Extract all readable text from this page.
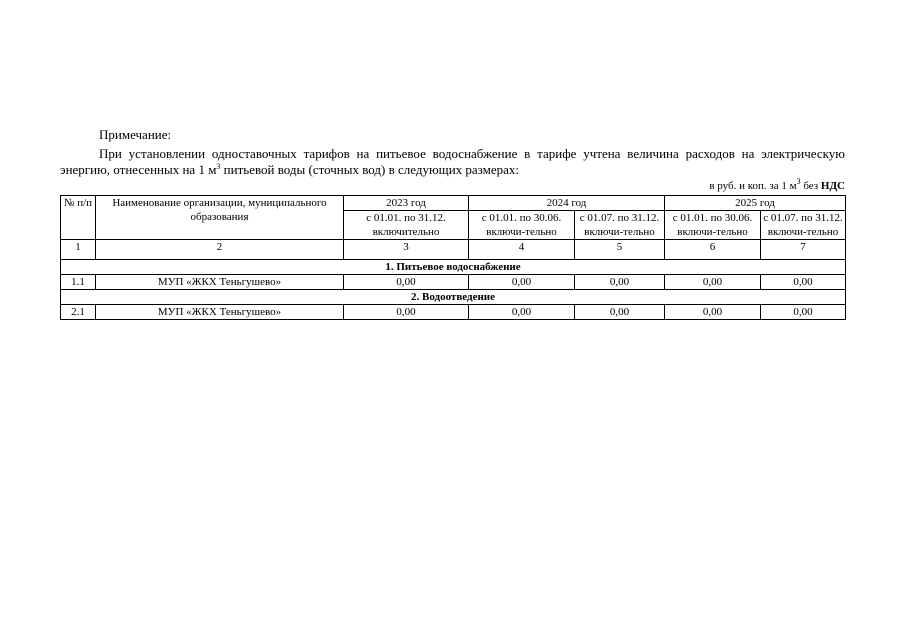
Примечание:
При установлении одноставочных тарифов на питьевое водоснабжение в тарифе учтена величина расходов на электрическую энергию, отнесенных на 1 $м^3$ питьевой воды (сточных вод) в следующих размерах:
в руб. и коп. за 1 $м^3$ без НДС
№ п/п	Наименование организации, муниципального образования	2023 год	2024 год		2025 год	
		с 01.01. по 31.12. включительно	с 01.01. по 30.06. включи-тельно	с 01.07. по 31.12. включи-тельно	с 01.01. по 30.06. включи-тельно	с 01.07. по 31.12. включи-тельно
1	2	3	4	5	6	7
1. Питьевое водоснабжение						
1.1	МУП «ЖКХ Теньгушево»	0,00	0,00	0,00	0,00	0,00
2. Водоотведение						
2.1	МУП «ЖКХ Теньгушево»	0,00	0,00	0,00	0,00	0,00
